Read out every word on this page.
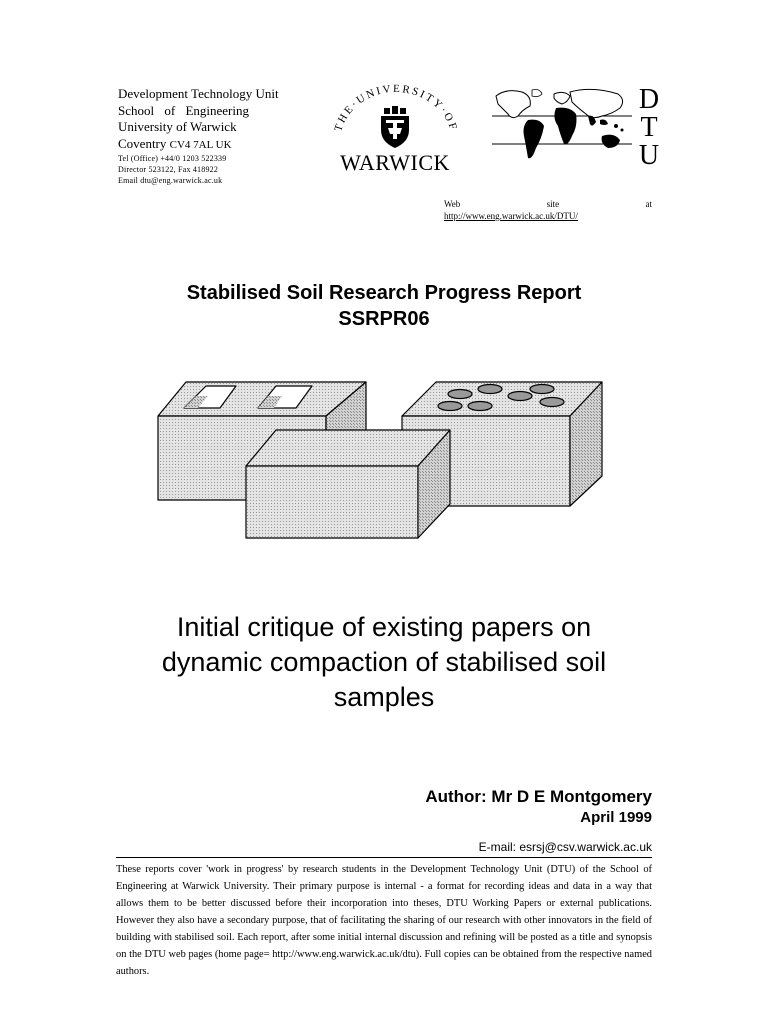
Development Technology Unit
School of Engineering
University of Warwick
Coventry CV4 7AL UK
Tel (Office) +44/0 1203 522339
Director 523122, Fax 418922
Email dtu@eng.warwick.ac.uk
THE·UNIVERSITY·OF
WARWICK
D
T
U
Web	site	at
http://www.eng.warwick.ac.uk/DTU/
Stabilised Soil Research Progress Report
SSRPR06
Initial critique of existing papers on
dynamic compaction of stabilised soil
samples
Author: Mr D E Montgomery
April 1999
E-mail: esrsj@csv.warwick.ac.uk
These reports cover 'work in progress' by research students in the Development Technology Unit (DTU) of the School of Engineering at Warwick University. Their primary purpose is internal - a format for recording ideas and data in a way that allows them to be better discussed before their incorporation into theses, DTU Working Papers or external publications. However they also have a secondary purpose, that of facilitating the sharing of our research with other innovators in the field of building with stabilised soil. Each report, after some initial internal discussion and refining will be posted as a title and synopsis on the DTU web pages (home page= http://www.eng.warwick.ac.uk/dtu). Full copies can be obtained from the respective named authors.
